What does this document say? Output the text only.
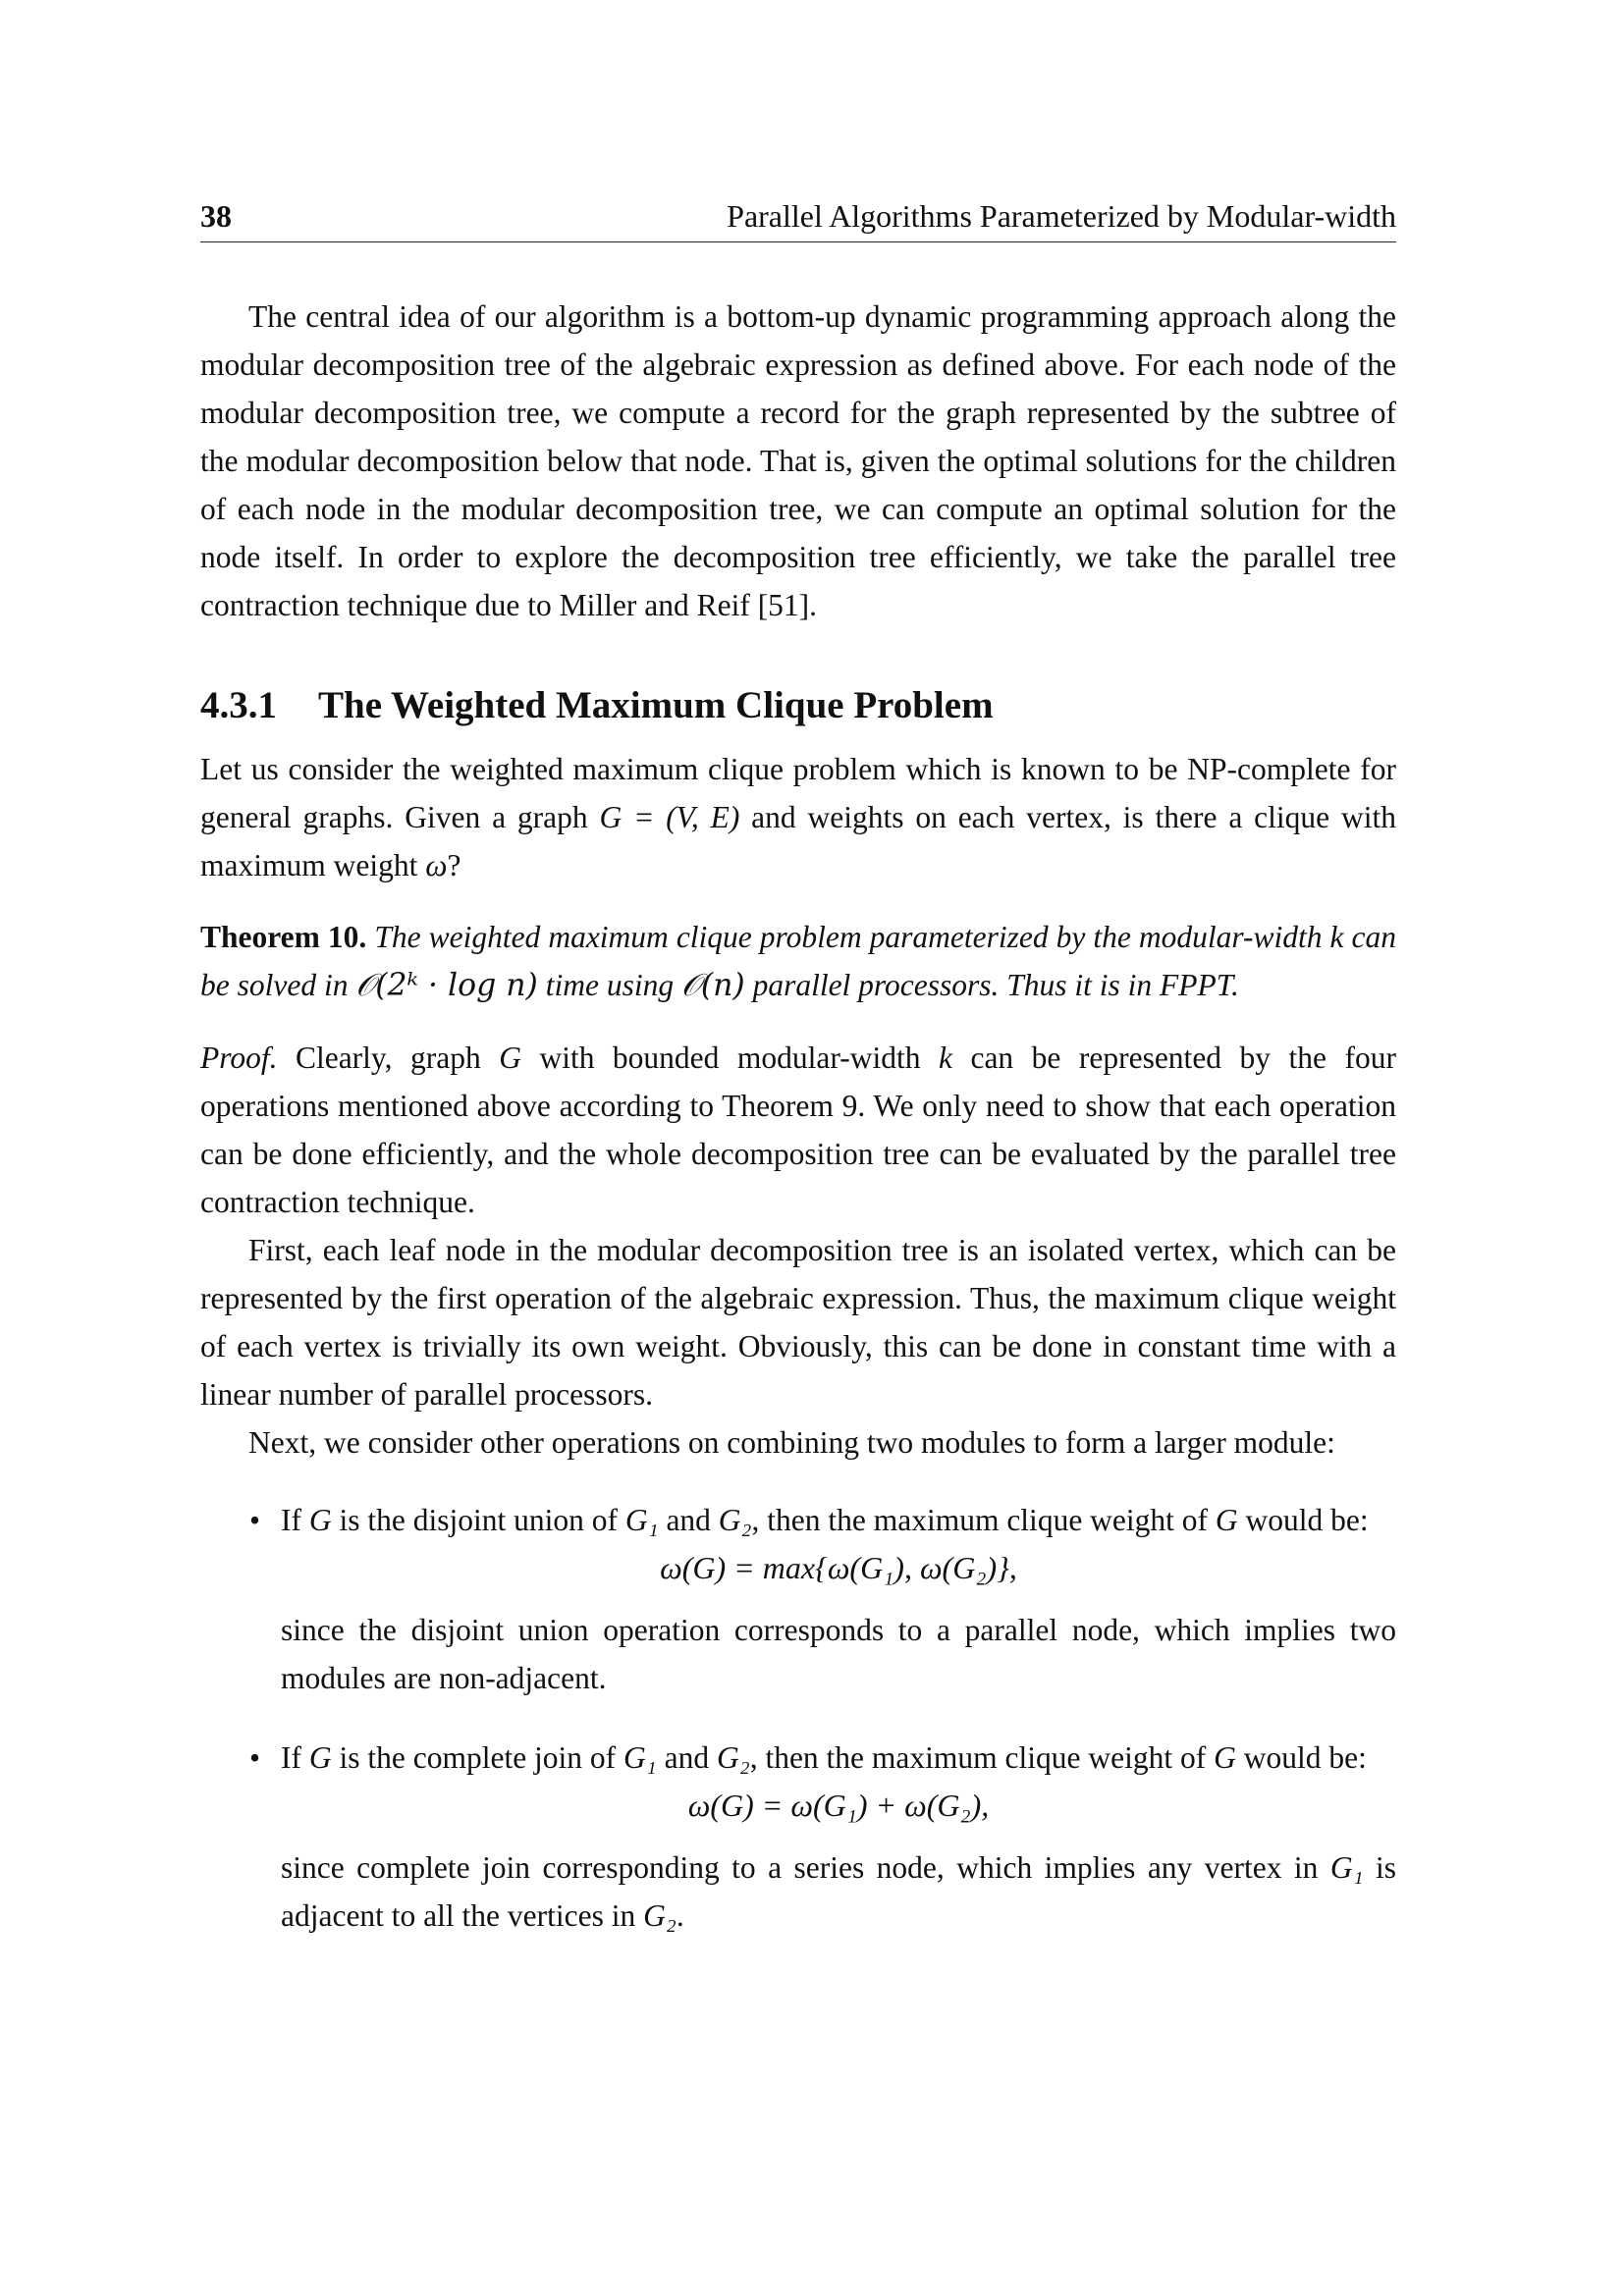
38	Parallel Algorithms Parameterized by Modular-width

The central idea of our algorithm is a bottom-up dynamic programming approach along the modular decomposition tree of the algebraic expression as defined above. For each node of the modular decomposition tree, we compute a record for the graph represented by the subtree of the modular decomposition below that node. That is, given the optimal solutions for the children of each node in the modular decomposition tree, we can compute an optimal solution for the node itself. In order to explore the decomposition tree efficiently, we take the parallel tree contraction technique due to Miller and Reif [51].

4.3.1 The Weighted Maximum Clique Problem

Let us consider the weighted maximum clique problem which is known to be NP-complete for general graphs. Given a graph G = (V, E) and weights on each vertex, is there a clique with maximum weight ω?

Theorem 10. The weighted maximum clique problem parameterized by the modular-width k can be solved in 𝒪(2ᵏ · log n) time using 𝒪(n) parallel processors. Thus it is in FPPT.

Proof. Clearly, graph G with bounded modular-width k can be represented by the four operations mentioned above according to Theorem 9. We only need to show that each operation can be done efficiently, and the whole decomposition tree can be evaluated by the parallel tree contraction technique.

First, each leaf node in the modular decomposition tree is an isolated vertex, which can be represented by the first operation of the algebraic expression. Thus, the maximum clique weight of each vertex is trivially its own weight. Obviously, this can be done in constant time with a linear number of parallel processors.

Next, we consider other operations on combining two modules to form a larger module:

• If G is the disjoint union of G₁ and G₂, then the maximum clique weight of G would be:

ω(G) = max{ω(G₁), ω(G₂)},

since the disjoint union operation corresponds to a parallel node, which implies two modules are non-adjacent.

• If G is the complete join of G₁ and G₂, then the maximum clique weight of G would be:

ω(G) = ω(G₁) + ω(G₂),

since complete join corresponding to a series node, which implies any vertex in G₁ is adjacent to all the vertices in G₂.
